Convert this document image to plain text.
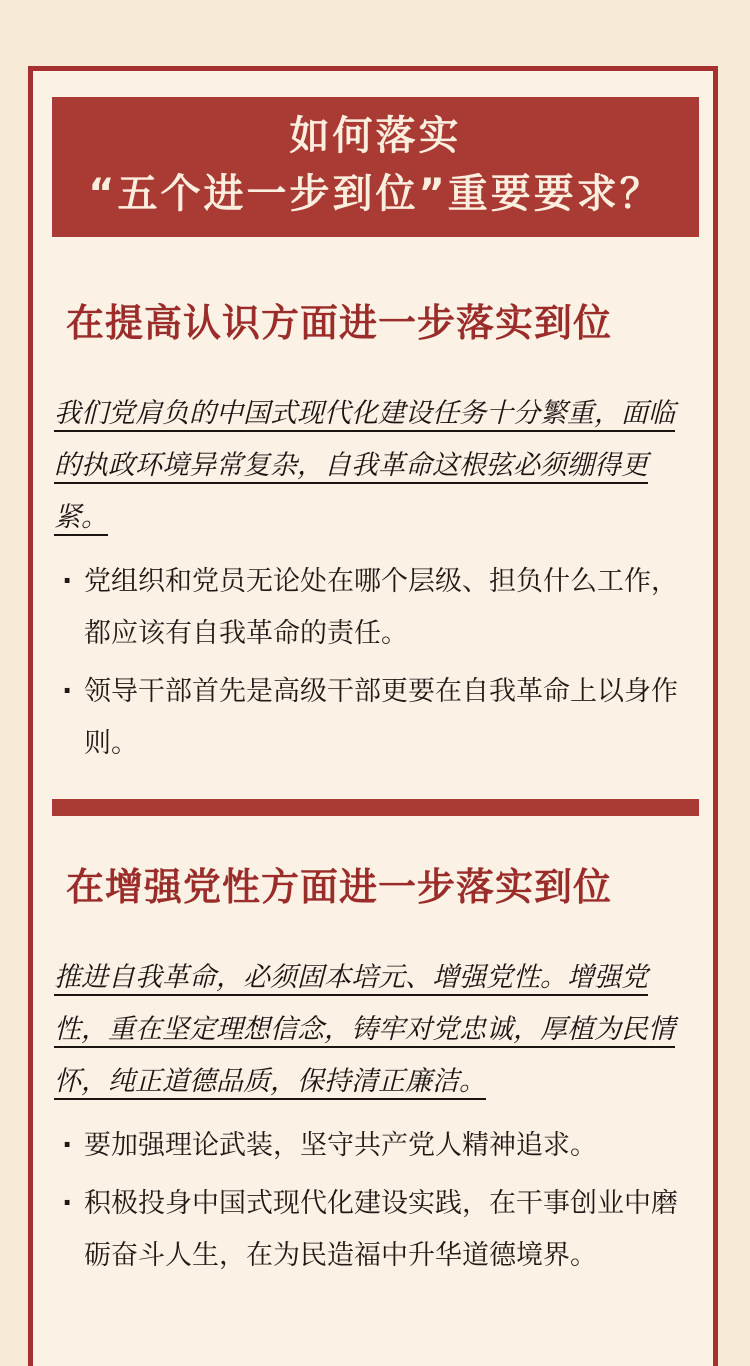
如何落实
“五个进一步到位”重要要求？
在提高认识方面进一步落实到位
我们党肩负的中国式现代化建设任务十分繁重，面临的执政环境异常复杂，自我革命这根弦必须绷得更紧。
· 党组织和党员无论处在哪个层级、担负什么工作，都应该有自我革命的责任。
· 领导干部首先是高级干部更要在自我革命上以身作则。
在增强党性方面进一步落实到位
推进自我革命，必须固本培元、增强党性。增强党性，重在坚定理想信念，铸牢对党忠诚，厚植为民情怀，纯正道德品质，保持清正廉洁。
· 要加强理论武装，坚守共产党人精神追求。
· 积极投身中国式现代化建设实践，在干事创业中磨砺奋斗人生，在为民造福中升华道德境界。
